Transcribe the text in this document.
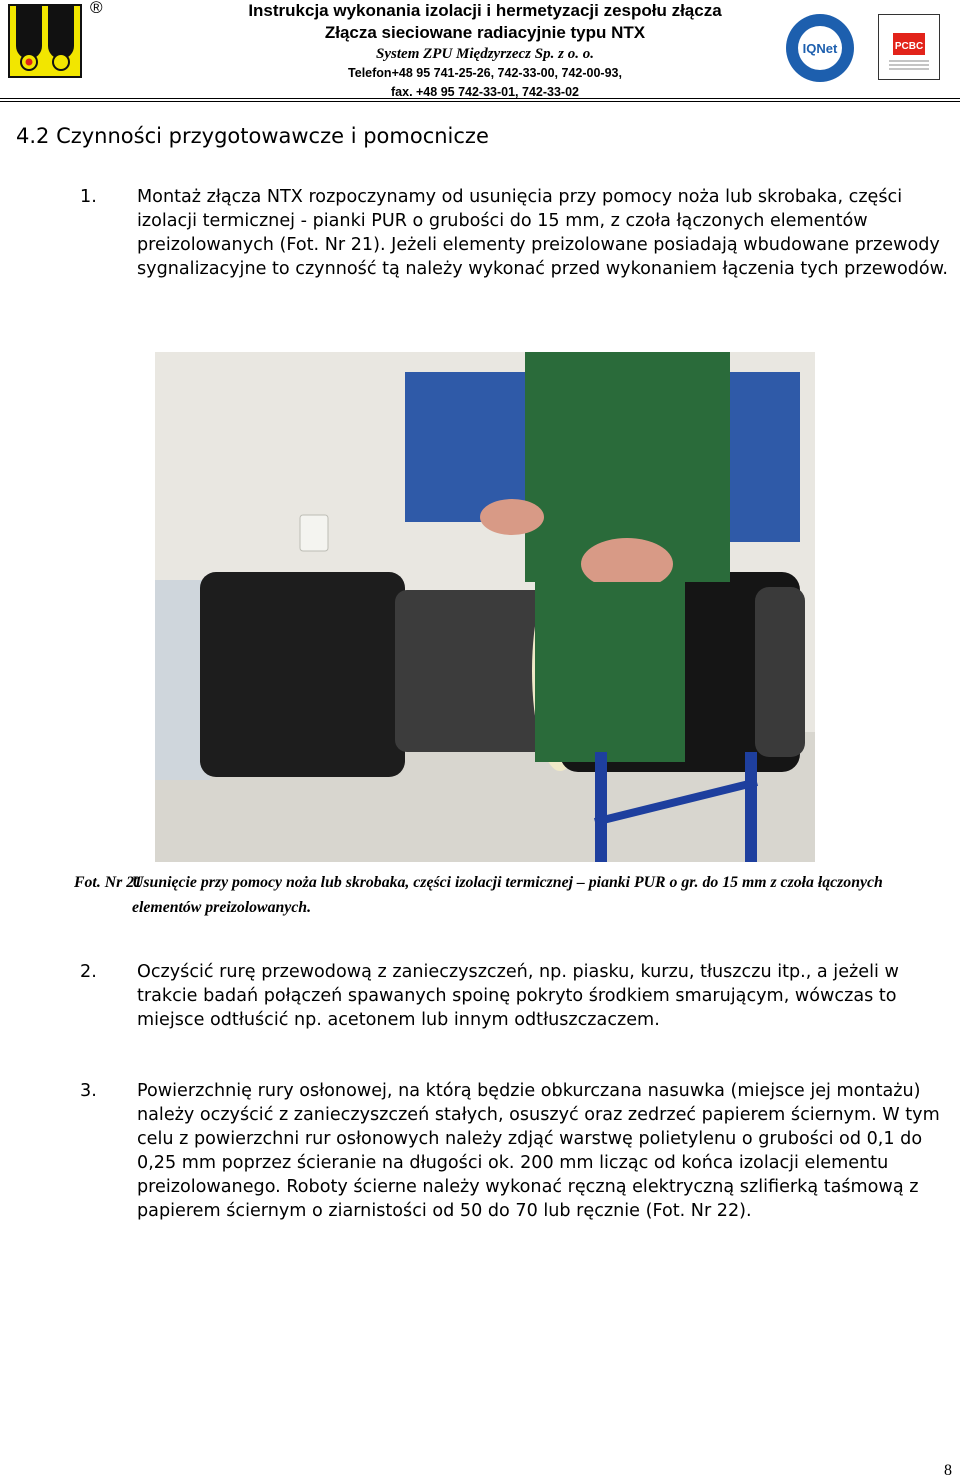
®	Instrukcja wykonania izolacji i hermetyzacji zespołu złącza
Złącza sieciowane radiacyjnie typu NTX
System ZPU Międzyrzecz Sp. z o. o.
Telefon+48 95 741-25-26, 742-33-00, 742-00-93,
fax. +48 95 742-33-01, 742-33-02
IQNet	PCBC
4.2 Czynności przygotowawcze i pomocnicze
1. Montaż złącza NTX rozpoczynamy od usunięcia przy pomocy noża lub skrobaka, części izolacji termicznej - pianki PUR o grubości do 15 mm, z czoła łączonych elementów preizolowanych (Fot. Nr 21). Jeżeli elementy preizolowane posiadają wbudowane przewody sygnalizacyjne to czynność tą należy wykonać przed wykonaniem łączenia tych przewodów.
Fot. Nr 21
Usunięcie przy pomocy noża lub skrobaka, części izolacji termicznej – pianki PUR o gr. do 15 mm z czoła łączonych elementów preizolowanych.
2. Oczyścić rurę przewodową z zanieczyszczeń, np. piasku, kurzu, tłuszczu itp., a jeżeli w trakcie badań połączeń spawanych spoinę pokryto środkiem smarującym, wówczas to miejsce odtłuścić np. acetonem lub innym odtłuszczaczem.
3. Powierzchnię rury osłonowej, na którą będzie obkurczana nasuwka (miejsce jej montażu) należy oczyścić z zanieczyszczeń stałych, osuszyć oraz zedrzeć papierem ściernym. W tym celu z powierzchni rur osłonowych należy zdjąć warstwę polietylenu o grubości od 0,1 do 0,25 mm poprzez ścieranie na długości ok. 200 mm licząc od końca izolacji elementu preizolowanego. Roboty ścierne należy wykonać ręczną elektryczną szlifierką taśmową z papierem ściernym o ziarnistości od 50 do 70 lub ręcznie (Fot. Nr 22).
8
